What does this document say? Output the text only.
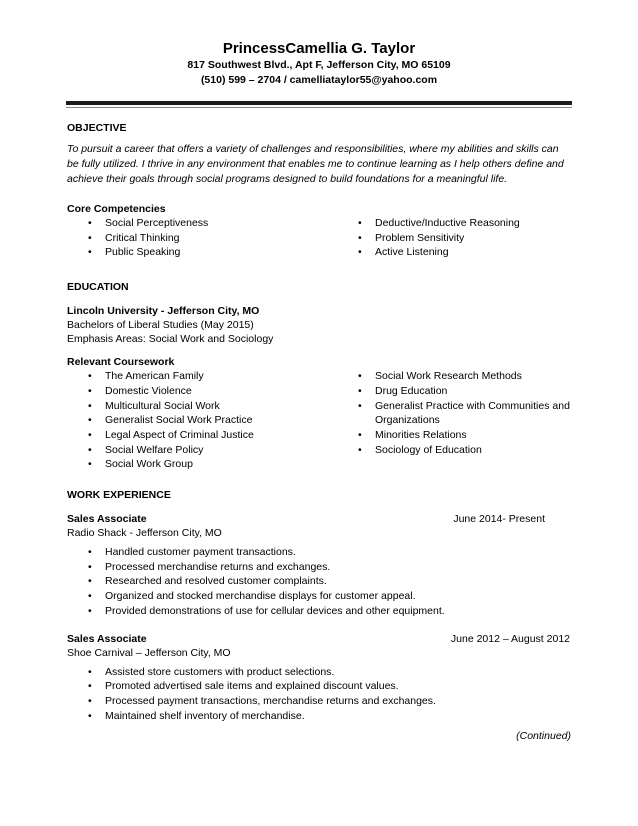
PrincessCamellia G. Taylor
817 Southwest Blvd., Apt F, Jefferson City, MO 65109
(510) 599 – 2704 / camelliataylor55@yahoo.com
OBJECTIVE
To pursuit a career that offers a variety of challenges and responsibilities, where my abilities and skills can be fully utilized. I thrive in any environment that enables me to continue learning as I help others define and achieve their goals through social programs designed to build foundations for a meaningful life.
Core Competencies
• Social Perceptiveness
• Critical Thinking
• Public Speaking
• Deductive/Inductive Reasoning
• Problem Sensitivity
• Active Listening
EDUCATION
Lincoln University - Jefferson City, MO
Bachelors of Liberal Studies (May 2015)
Emphasis Areas: Social Work and Sociology
Relevant Coursework
• The American Family
• Domestic Violence
• Multicultural Social Work
• Generalist Social Work Practice
• Legal Aspect of Criminal Justice
• Social Welfare Policy
• Social Work Group
• Social Work Research Methods
• Drug Education
• Generalist Practice with Communities and Organizations
• Minorities Relations
• Sociology of Education
WORK EXPERIENCE
Sales Associate	June 2014- Present
Radio Shack - Jefferson City, MO
• Handled customer payment transactions.
• Processed merchandise returns and exchanges.
• Researched and resolved customer complaints.
• Organized and stocked merchandise displays for customer appeal.
• Provided demonstrations of use for cellular devices and other equipment.
Sales Associate	June 2012 – August 2012
Shoe Carnival – Jefferson City, MO
• Assisted store customers with product selections.
• Promoted advertised sale items and explained discount values.
• Processed payment transactions, merchandise returns and exchanges.
• Maintained shelf inventory of merchandise.
(Continued)
